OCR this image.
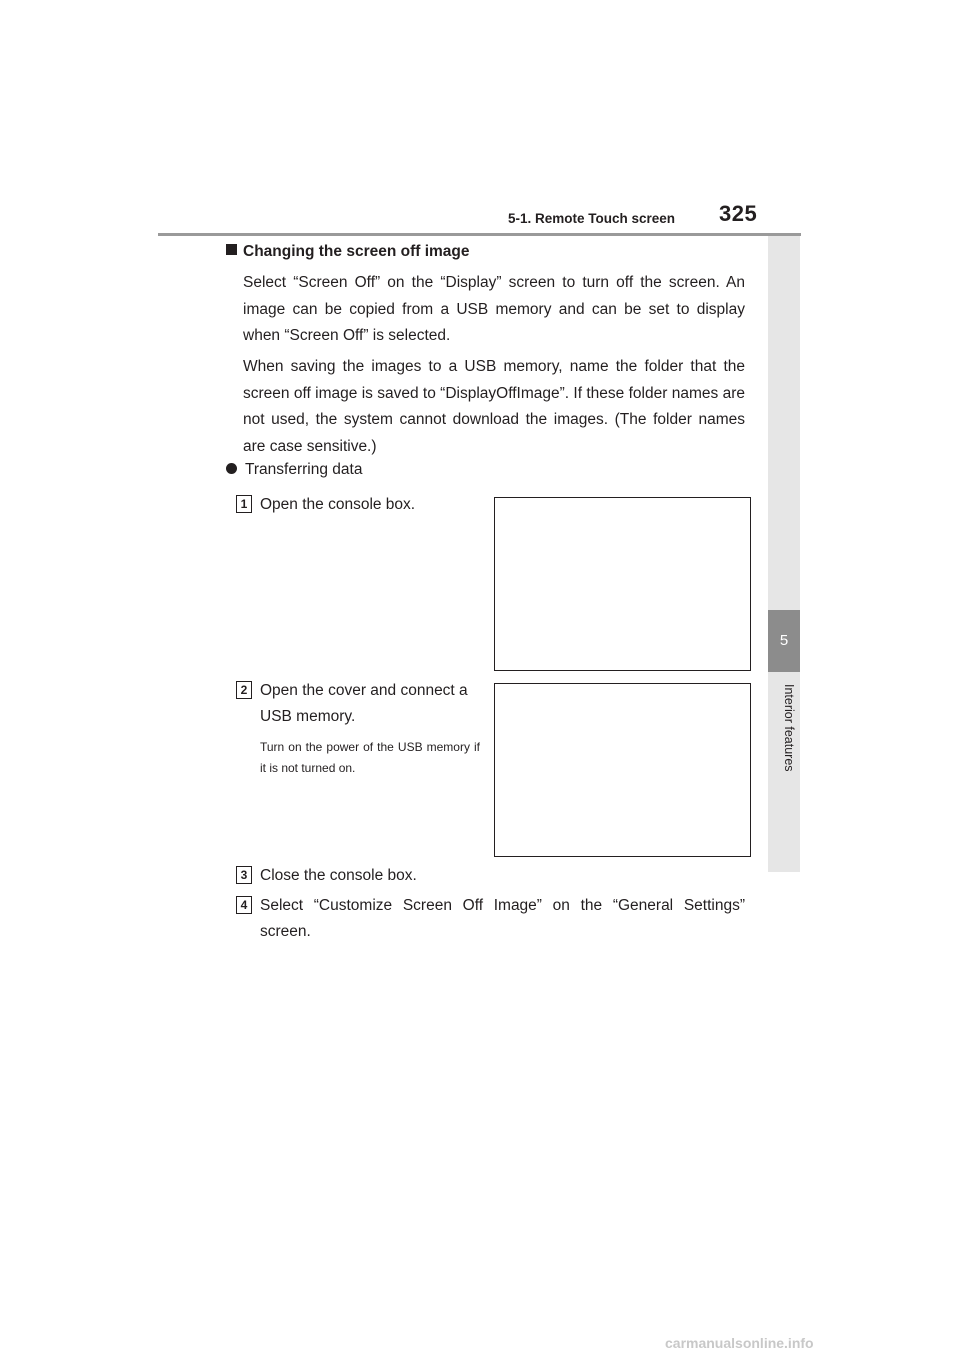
5-1. Remote Touch screen 325
5
Interior features
Changing the screen off image
Select “Screen Off” on the “Display” screen to turn off the screen. An image can be copied from a USB memory and can be set to display when “Screen Off” is selected.
When saving the images to a USB memory, name the folder that the screen off image is saved to “DisplayOffImage”. If these folder names are not used, the system cannot download the images. (The folder names are case sensitive.)
Transferring data
1 Open the console box.
2 Open the cover and connect a USB memory.
Turn on the power of the USB memory if it is not turned on.
3 Close the console box.
4 Select “Customize Screen Off Image” on the “General Settings” screen.
carmanualsonline.info
